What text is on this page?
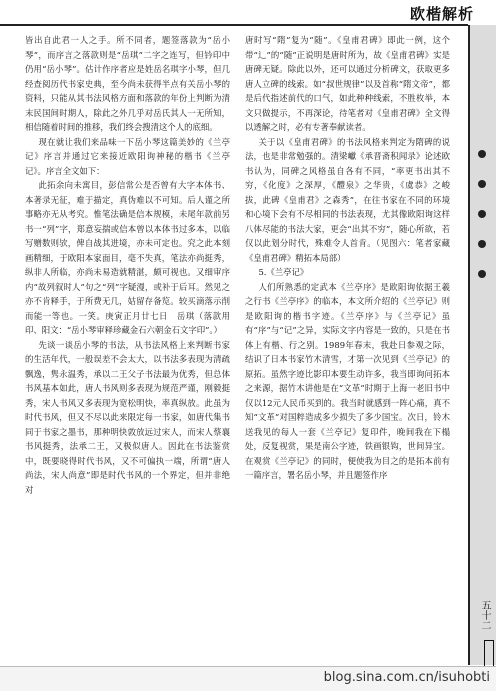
欧楷解析
五十二

皆出自此君一人之手。所不同者，题签落款为“岳小琴”，而序言之落款则是“岳琪”二字之连写，但钤印中仍用“岳小琴”。估计作序者应是姓岳名琪字小琴，但几经查阅历代书家史典，至今尚未获得半点有关岳小琴的资料，只能从其书法风格方面和落款的年份上判断为清末民国间时期人，除此之外几乎对岳氏其人一无所知，相信随着时间的推移，我们终会搜清这个人的底细。

现在就让我们来品味一下岳小琴这篇美妙的《兰亭记》序言并通过它来接近欧阳询神秘的楷书《兰亭记》。序言全文如下：

此拓余向未寓目，彭信常公是否曾有大字本体书、本著录无征，难于描定，真伪难以不可知。后人谨之所事略亦无从考究。惟笔法确是信本规模，未尾年款前另书一“列”字，郑意妄揣或信本曾以本体书过多本，以临写赠数则欤，俾自战其进境，亦未可定也。究之此本刻画精细，于欧阳本家面目，毫不失真，笔法亦尚挺秀，纵非人所临，亦尚未易造就精湛，颇可视也。又细审序内“故列叙时人”句之“列”字疑漫，或补于后耳。然见之亦不肯释手，于所费无几，姑留存备览。较买滴落示削而能一等也。一笑。庚寅正月廿七日　岳琪（落款用印、阳文：“岳小琴审释珍藏金石六朝金石文字印”。）

先谈一谈岳小琴的书法，从书法风格上来判断书家的生活年代，一般误差不会太大，以书法多表现为清疏飘逸，隽永温秀，承以二王父子书法最为优秀，但总体书风基本如此，唐人书风则多表现为规范严谨，刚毅挺秀，宋人书风又多表现为宽松明快，率真纵放。此虽为时代书风，但又不尽以此来限定每一书家，如唐代集书同于书家之墨书，那种明快敦放远过宋人，而宋人蔡襄书风挺秀，法承二王，又极似唐人。因此在书法鉴赏中，既要晓得时代书风，又不可偏执一端，所谓“唐人尚法，宋人尚意”即是时代书风的一个界定，但并非绝对

唐时写“隋”复为“随”。《皇甫君碑》即此一例，这个带“辶”的“随”正说明是唐时所为，故《皇甫君碑》实是唐碑无疑。除此以外，还可以通过分析碑文，获取更多唐人立碑的线索。如“叔世规律”以及首称“隋文帝”，都是后代指述前代的口气，如此种种线索，不胜枚举，本文只做提示，不再深论，待笔者对《皇甫君碑》全文得以透解之时，必有专著奉献读者。

关于以《皇甫君碑》的书法风格来判定为隋碑的说法，也是非常勉强的。清梁巘《承晋斋积闻录》论述欧书认为，同碑之风格虽自各有不同，“率更书出其不穷，《化度》之深厚，《醴泉》之华贵，《虞恭》之峻拔，此碑《皇甫君》之森秀”，在往书家在不同的环境和心境下会有不尽相同的书法表现，尤其像欧阳询这样八体尽能的书法大家，更会“出其不穷”，随心所欲，若仅以此划分时代，殊难令人首肯。（见图六：笔者家藏《皇甫君碑》精拓本局部）

5.《兰亭记》

人们所熟悉的定武本《兰亭序》是欧阳询依据王羲之行书《兰亭序》的临本，本文所介绍的《兰亭记》则是欧阳询的楷书字迹。《兰亭序》与《兰亭记》虽有“序”与“记”之异，实际文字内容是一致的，只是在书体上有楷、行之别。1989年春末，我赴日参观之际，结识了日本书家竹木清雪，才第一次见到《兰亭记》的原拓。虽然字迹比影印本要生动许多，我当即询问拓本之来源，据竹木讲他是在“文革”时期于上海一老旧书中仅以12元人民币买到的。我当时就感到一阵心痛，真不知“文革”对国粹造成多少损失了多少国宝。次日，铃木送我见的每人一套《兰亭记》复印件，晚间我在下榻处，反复视赏，果是南公字迹，铁画银钩，世间异宝。在观赏《兰亭记》的同时，便使我为目之的是拓本前有一篇序言，署名岳小琴，并且题签作序

blog.sina.com.cn/isuhobti
